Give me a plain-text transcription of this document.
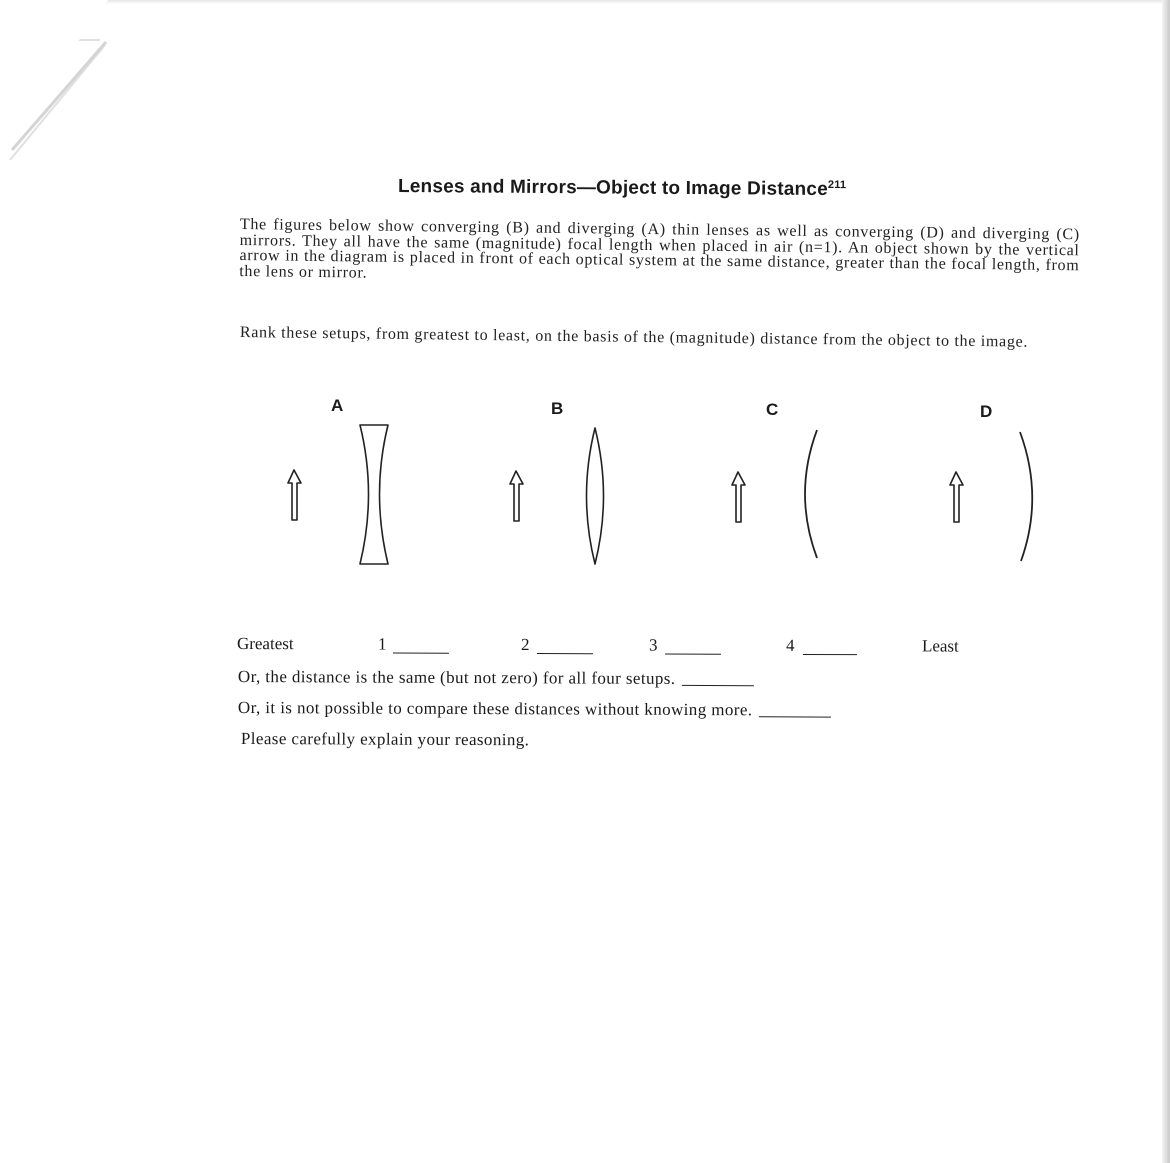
Lenses and Mirrors—Object to Image Distance$^{211}$
The figures below show converging (B) and diverging (A) thin lenses as well as converging (D) and diverging (C) mirrors. They all have the same (magnitude) focal length when placed in air (n=1). An object shown by the vertical arrow in the diagram is placed in front of each optical system at the same distance, greater than the focal length, from the lens or mirror.
Rank these setups, from greatest to least, on the basis of the (magnitude) distance from the object to the image.
A	B	C	D
Greatest	1	2	3	4	Least
Or, the distance is the same (but not zero) for all four setups.
Or, it is not possible to compare these distances without knowing more.
Please carefully explain your reasoning.
